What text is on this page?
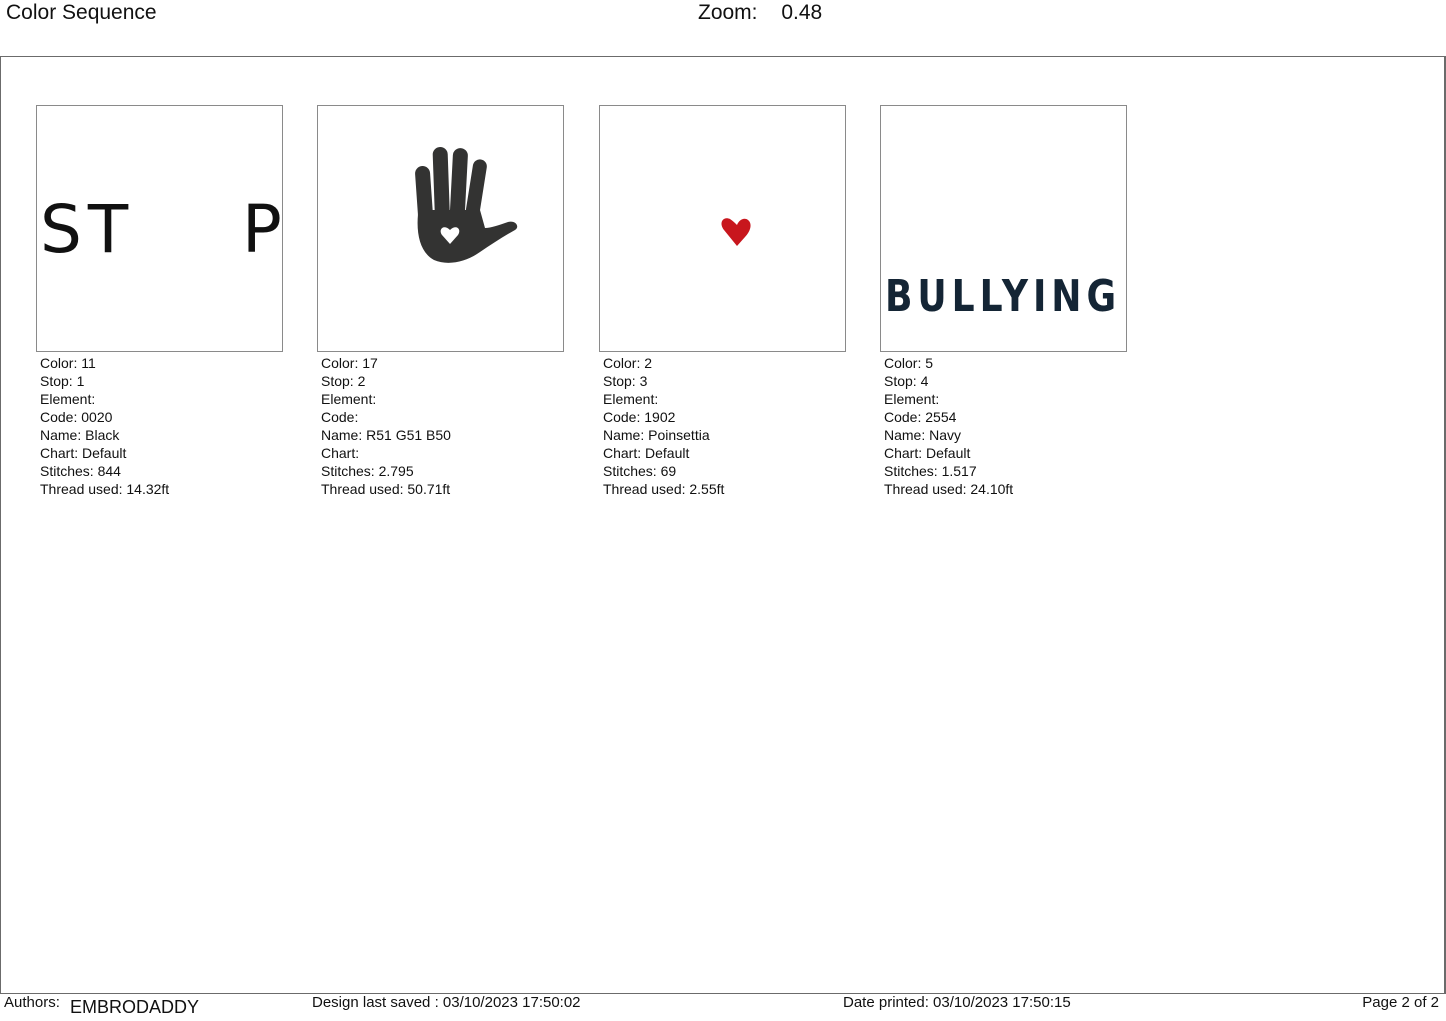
Color Sequence	Zoom: 0.48
ST P
Color: 11
Stop: 1
Element:
Code: 0020
Name: Black
Chart: Default
Stitches: 844
Thread used: 14.32ft
Color: 17
Stop: 2
Element:
Code:
Name: R51 G51 B50
Chart:
Stitches: 2.795
Thread used: 50.71ft
Color: 2
Stop: 3
Element:
Code: 1902
Name: Poinsettia
Chart: Default
Stitches: 69
Thread used: 2.55ft
BULLYING
Color: 5
Stop: 4
Element:
Code: 2554
Name: Navy
Chart: Default
Stitches: 1.517
Thread used: 24.10ft
Authors: EMBRODADDY	Design last saved : 03/10/2023 17:50:02	Date printed: 03/10/2023 17:50:15	Page 2 of 2
